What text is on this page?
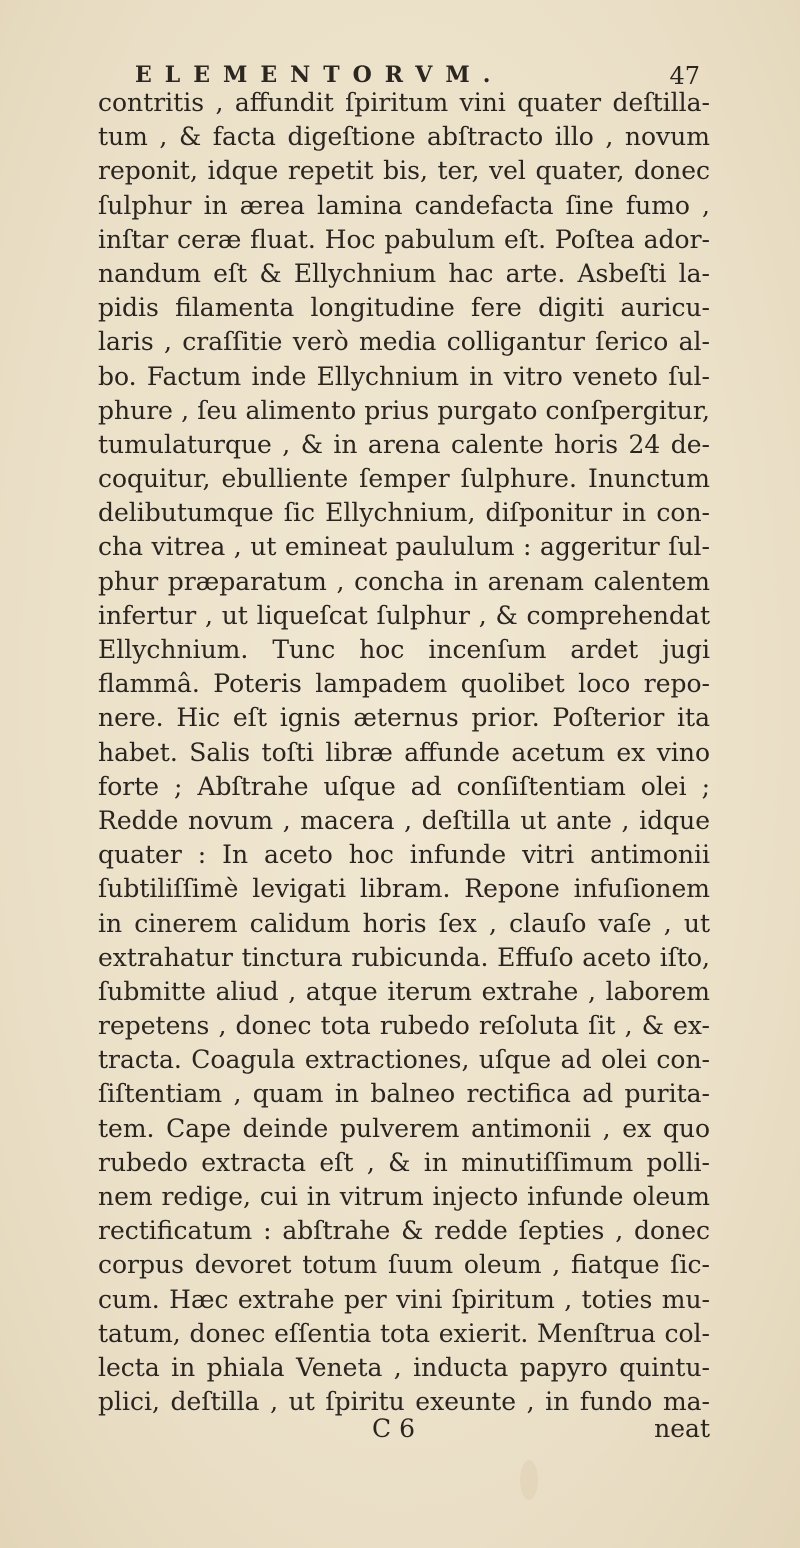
ELEMENTORVM.	47
contritis , affundit ſpiritum vini quater deſtilla-
tum , & facta digeſtione abſtracto illo , novum
reponit, idque repetit bis, ter, vel quater, donec
ſulphur in ærea lamina candefacta ſine fumo ,
inſtar ceræ fluat. Hoc pabulum eſt. Poſtea ador-
nandum eſt & Ellychnium hac arte. Asbeſti la-
pidis filamenta longitudine fere digiti auricu-
laris , craſſitie verò media colligantur ſerico al-
bo. Factum inde Ellychnium in vitro veneto ſul-
phure , ſeu alimento prius purgato conſpergitur,
tumulaturque , & in arena calente horis 24 de-
coquitur, ebulliente ſemper ſulphure. Inunctum
delibutumque ſic Ellychnium, diſponitur in con-
cha vitrea , ut emineat paululum : aggeritur ſul-
phur præparatum , concha in arenam calentem
infertur , ut liqueſcat ſulphur , & comprehendat
Ellychnium. Tunc hoc incenſum ardet jugi
flammâ. Poteris lampadem quolibet loco repo-
nere. Hic eſt ignis æternus prior. Poſterior ita
habet. Salis toſti libræ affunde acetum ex vino
forte ; Abſtrahe uſque ad conſiſtentiam olei ;
Redde novum , macera , deſtilla ut ante , idque
quater : In aceto hoc infunde vitri antimonii
ſubtiliſſimè levigati libram. Repone infuſionem
in cinerem calidum horis ſex , clauſo vaſe , ut
extrahatur tinctura rubicunda. Effuſo aceto iſto,
ſubmitte aliud , atque iterum extrahe , laborem
repetens , donec tota rubedo reſoluta ſit , & ex-
tracta. Coagula extractiones, uſque ad olei con-
ſiſtentiam , quam in balneo rectifica ad purita-
tem. Cape deinde pulverem antimonii , ex quo
rubedo extracta eſt , & in minutiſſimum polli-
nem redige, cui in vitrum injecto infunde oleum
rectificatum : abſtrahe & redde ſepties , donec
corpus devoret totum ſuum oleum , fiatque ſic-
cum. Hæc extrahe per vini ſpiritum , toties mu-
tatum, donec eſſentia tota exierit. Menſtrua col-
lecta in phiala Veneta , inducta papyro quintu-
plici, deſtilla , ut ſpiritu exeunte , in fundo ma-
C 6	neat
